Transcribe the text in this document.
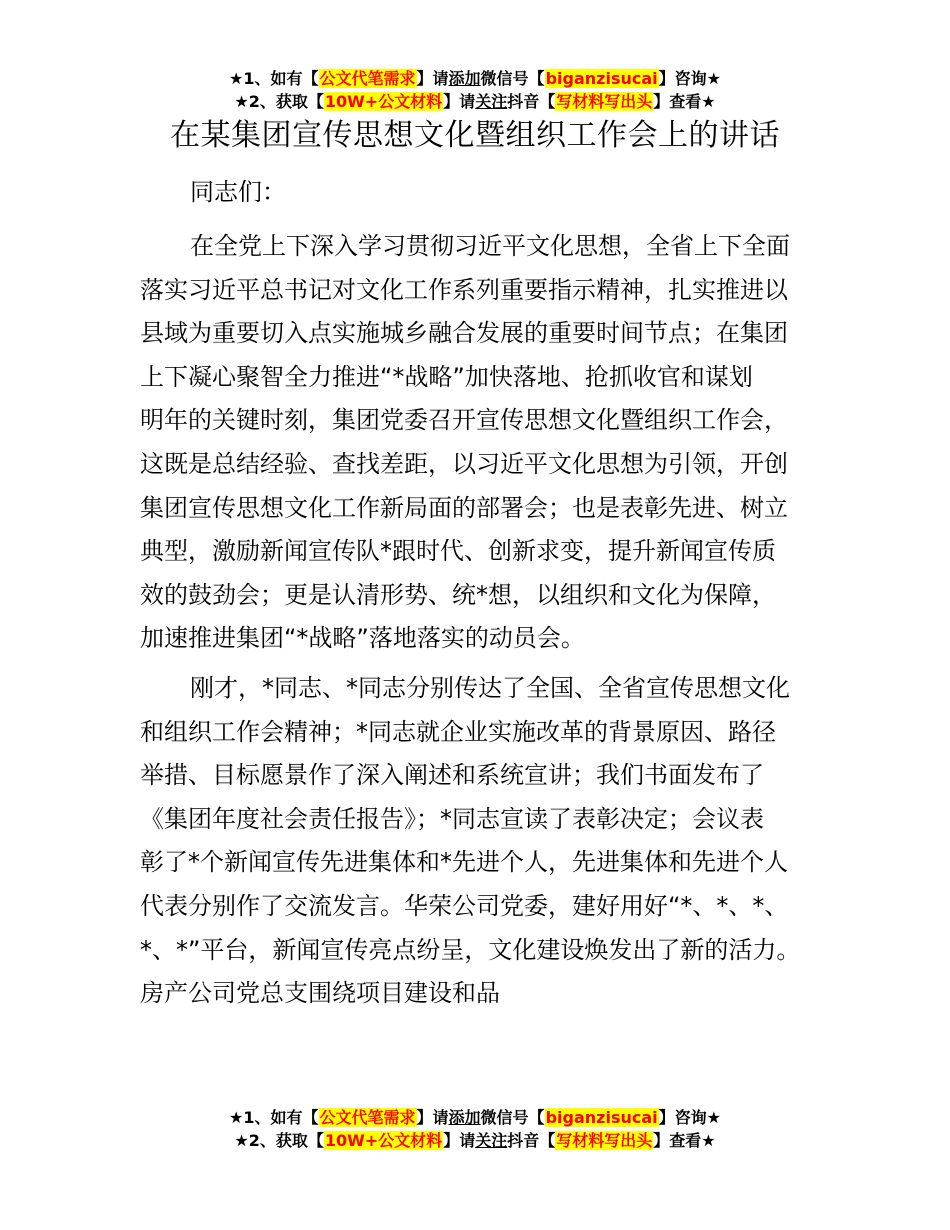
★1、如有【公文代笔需求】请添加微信号【biganzisucai】咨询★
★2、获取【10W+公文材料】请关注抖音【写材料写出头】查看★
在某集团宣传思想文化暨组织工作会上的讲话
同志们：
在全党上下深入学习贯彻习近平文化思想，全省上下全面
落实习近平总书记对文化工作系列重要指示精神，扎实推进以
县域为重要切入点实施城乡融合发展的重要时间节点；在集团
上下凝心聚智全力推进“*战略”加快落地、抢抓收官和谋划
明年的关键时刻，集团党委召开宣传思想文化暨组织工作会，
这既是总结经验、查找差距，以习近平文化思想为引领，开创
集团宣传思想文化工作新局面的部署会；也是表彰先进、树立
典型，激励新闻宣传队*跟时代、创新求变，提升新闻宣传质
效的鼓劲会；更是认清形势、统*想，以组织和文化为保障，
加速推进集团“*战略”落地落实的动员会。
刚才，*同志、*同志分别传达了全国、全省宣传思想文化
和组织工作会精神；*同志就企业实施改革的背景原因、路径
举措、目标愿景作了深入阐述和系统宣讲；我们书面发布了
《集团年度社会责任报告》；*同志宣读了表彰决定；会议表
彰了*个新闻宣传先进集体和*先进个人，先进集体和先进个人
代表分别作了交流发言。华荣公司党委，建好用好“*、*、*、
*、*”平台，新闻宣传亮点纷呈，文化建设焕发出了新的活力。
房产公司党总支围绕项目建设和品
★1、如有【公文代笔需求】请添加微信号【biganzisucai】咨询★
★2、获取【10W+公文材料】请关注抖音【写材料写出头】查看★
